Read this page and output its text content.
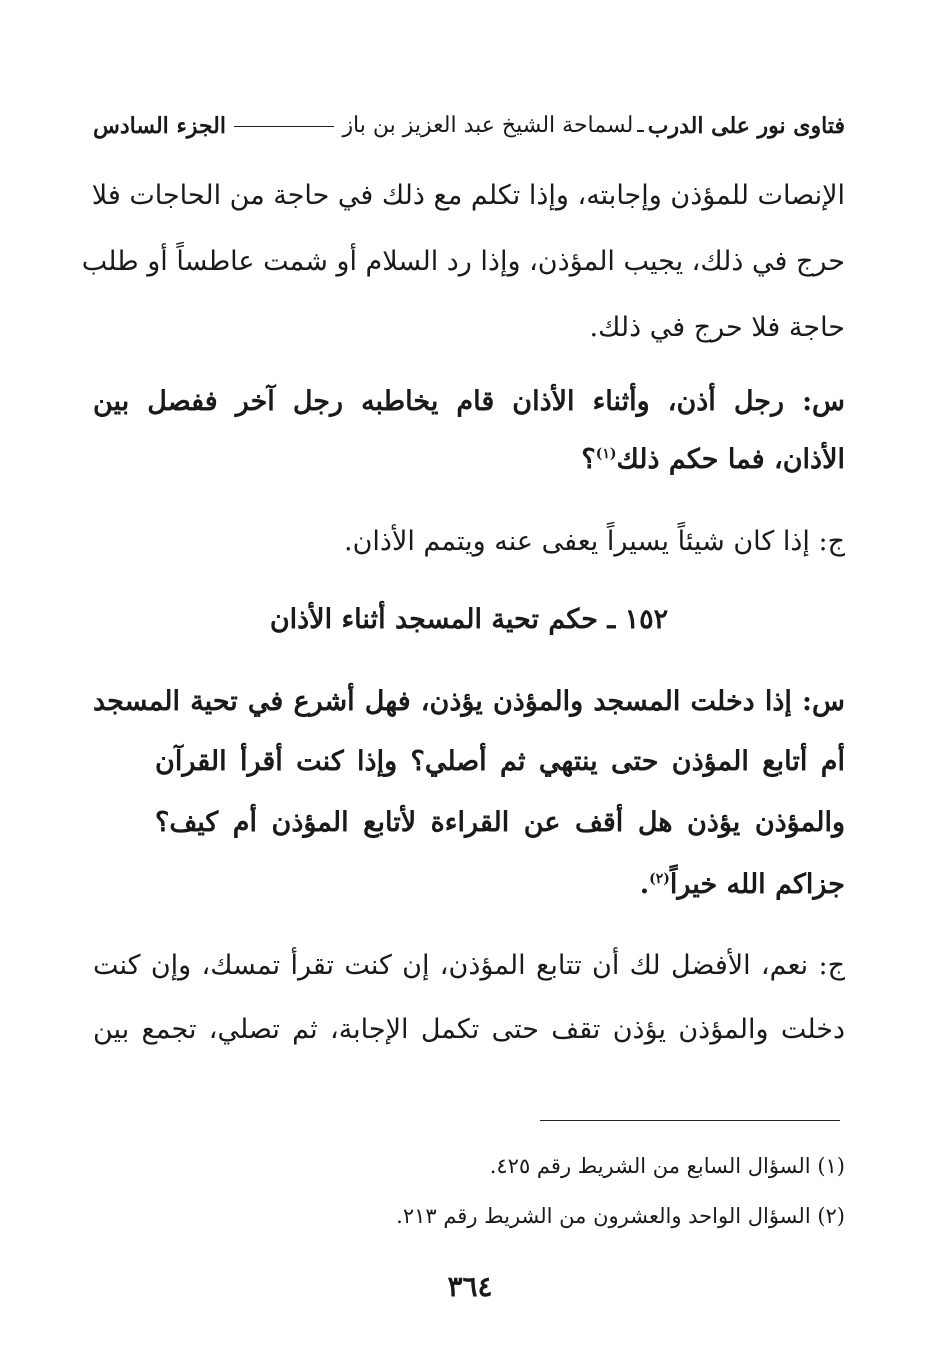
فتاوى نور على الدرب
ـ
لسماحة الشيخ عبد العزيز بن باز
الجزء السادس
الإنصات للمؤذن وإجابته، وإذا تكلم مع ذلك في حاجة من الحاجات فلا
حرج في ذلك، يجيب المؤذن، وإذا رد السلام أو شمت عاطساً أو طلب
حاجة فلا حرج في ذلك.
س: رجل أذن، وأثناء الأذان قام يخاطبه رجل آخر ففصل بين
الأذان، فما حكم ذلك$^{(١)}$؟
ج: إذا كان شيئاً يسيراً يعفى عنه ويتمم الأذان.
١٥٢ ـ حكم تحية المسجد أثناء الأذان
س: إذا دخلت المسجد والمؤذن يؤذن، فهل أشرع في تحية المسجد
أم أتابع المؤذن حتى ينتهي ثم أصلي؟ وإذا كنت أقرأ القرآن
والمؤذن يؤذن هل أقف عن القراءة لأتابع المؤذن أم كيف؟
جزاكم الله خيراً$^{(٢)}$.
ج: نعم، الأفضل لك أن تتابع المؤذن، إن كنت تقرأ تمسك، وإن كنت
دخلت والمؤذن يؤذن تقف حتى تكمل الإجابة، ثم تصلي، تجمع بين
(١) السؤال السابع من الشريط رقم ٤٢٥.
(٢) السؤال الواحد والعشرون من الشريط رقم ٢١٣.
٣٦٤
